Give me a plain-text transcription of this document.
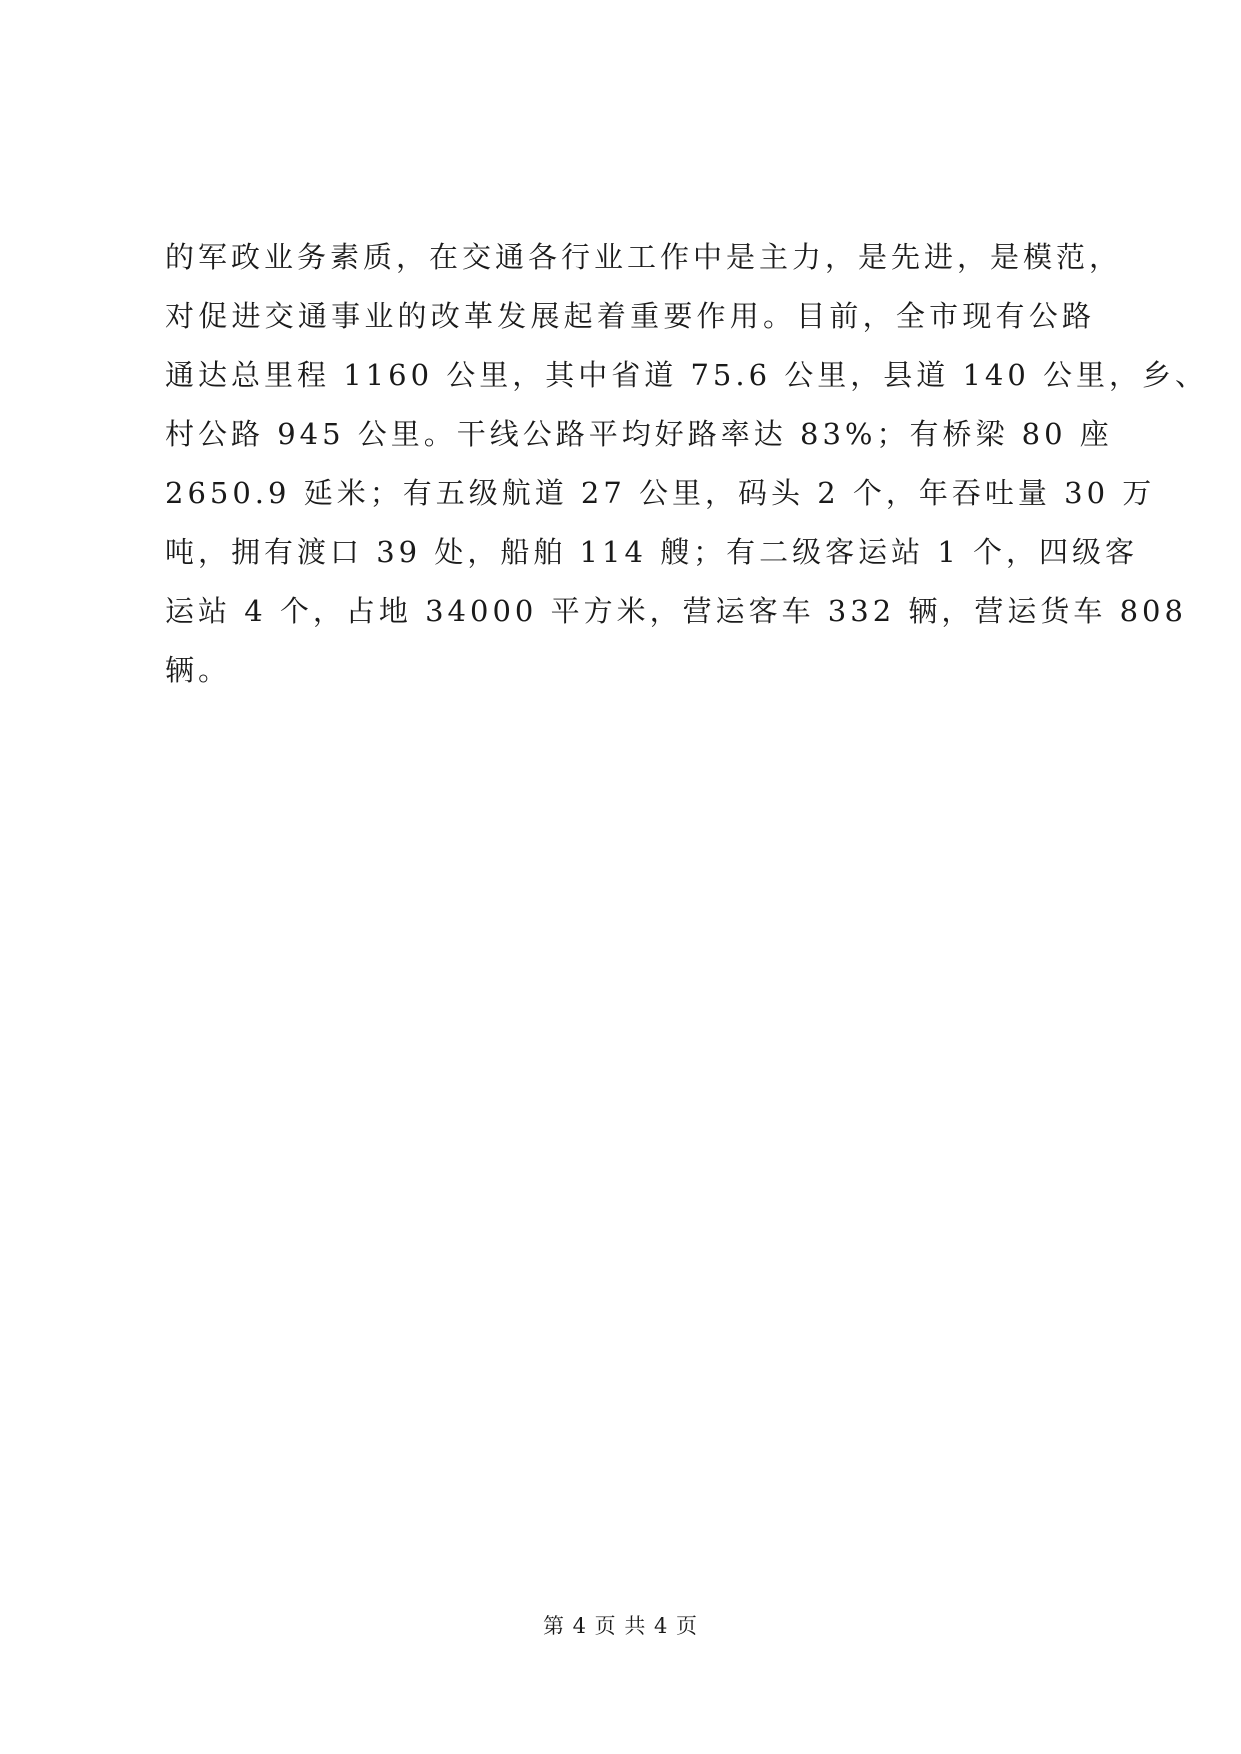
的军政业务素质，在交通各行业工作中是主力，是先进，是模范，
对促进交通事业的改革发展起着重要作用。目前，全市现有公路
通达总里程 1160 公里，其中省道 75.6 公里，县道 140 公里，乡、
村公路 945 公里。干线公路平均好路率达 83%；有桥梁 80 座
2650.9 延米；有五级航道 27 公里，码头 2 个，年吞吐量 30 万
吨，拥有渡口 39 处，船舶 114 艘；有二级客运站 1 个，四级客
运站 4 个，占地 34000 平方米，营运客车 332 辆，营运货车 808
辆。
第 4 页 共 4 页
